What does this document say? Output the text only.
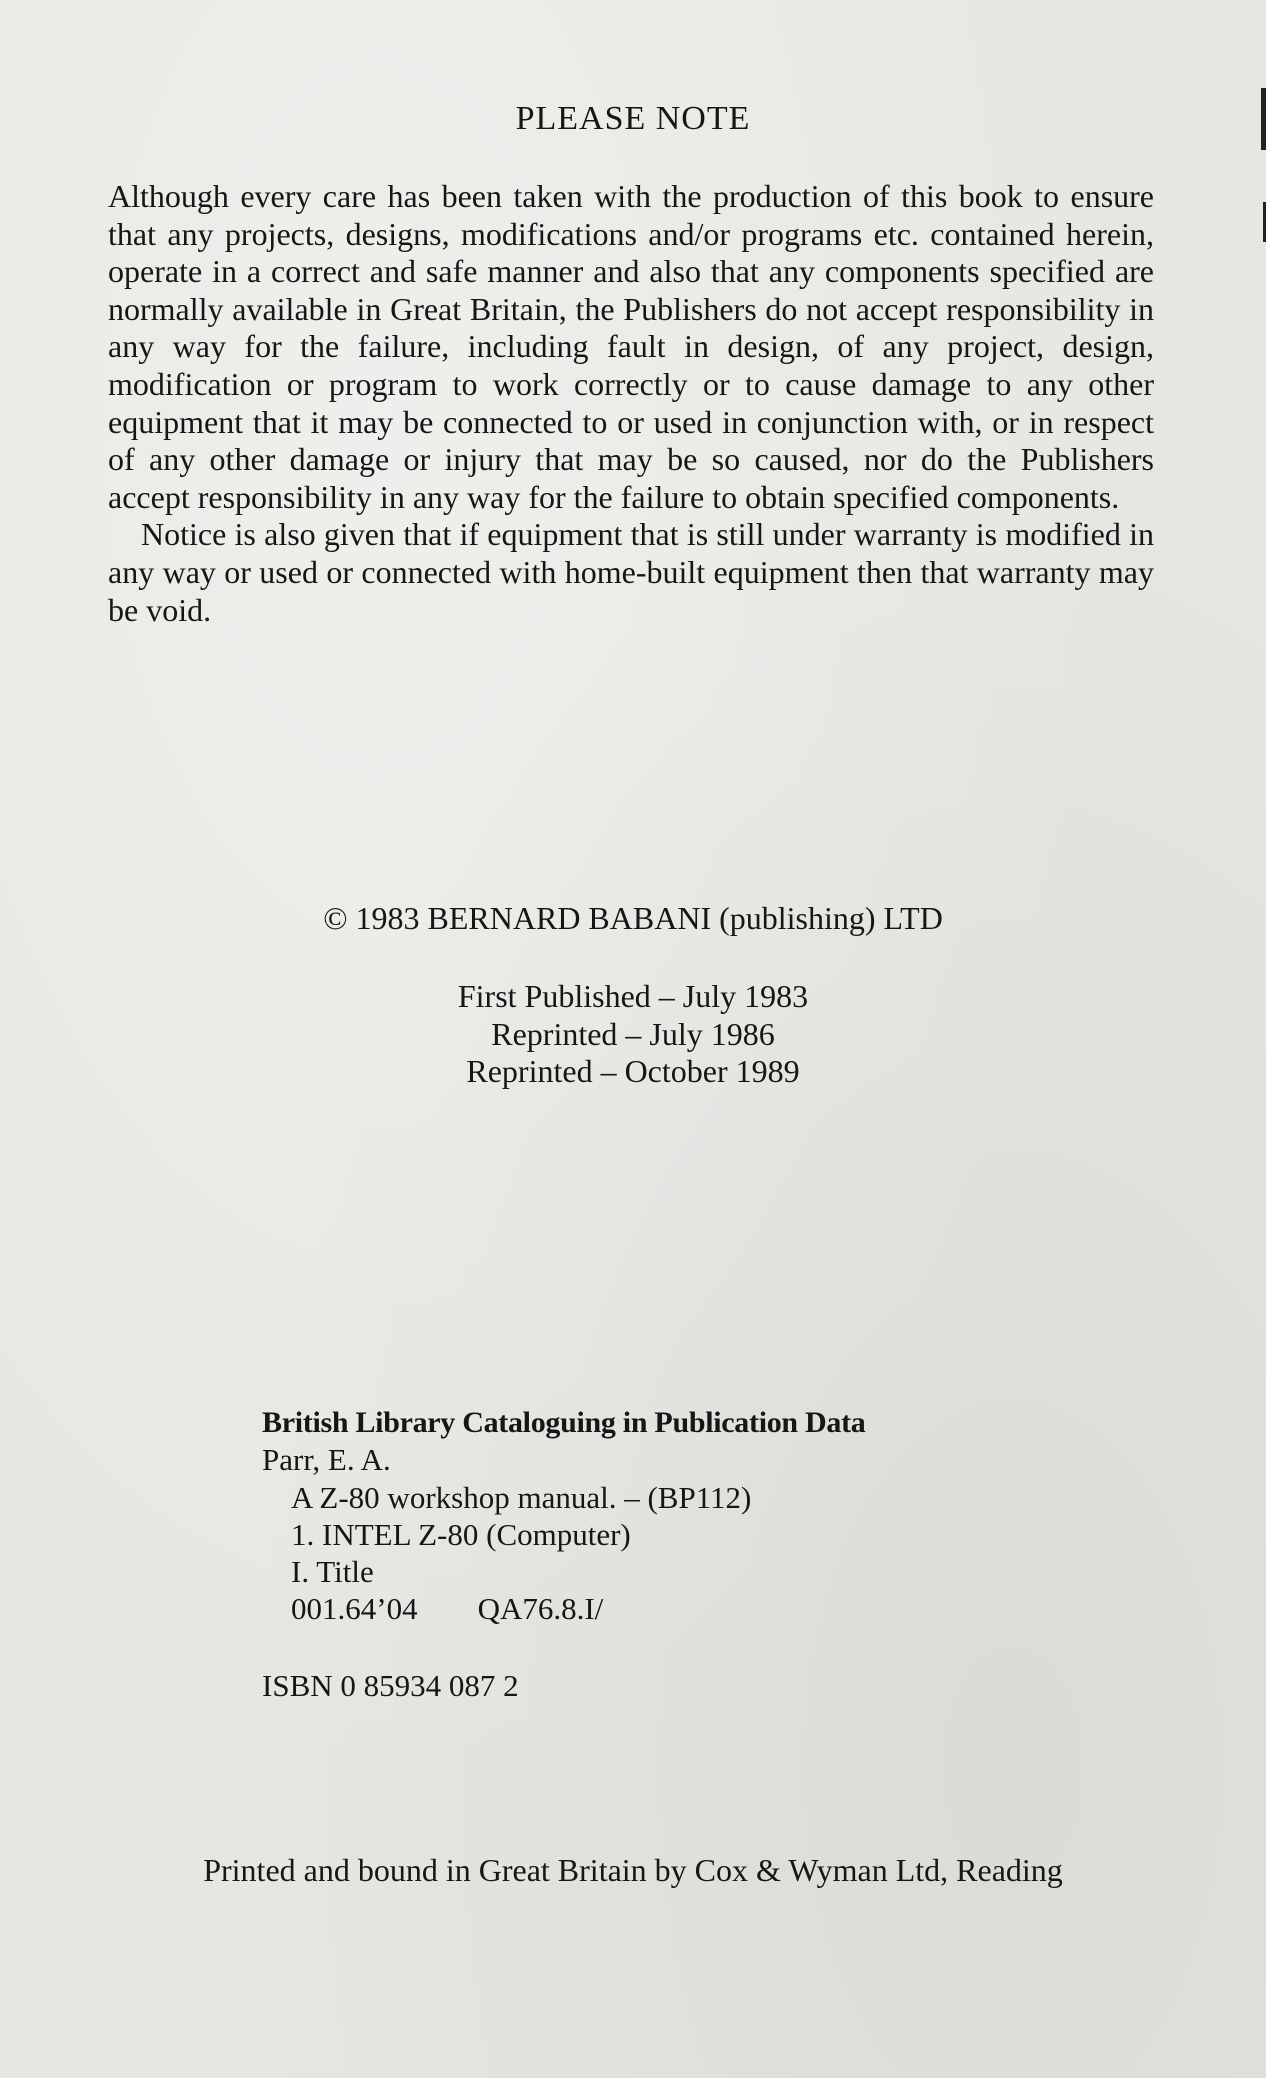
PLEASE NOTE

Although every care has been taken with the production of this book to ensure that any projects, designs, modifications and/or programs etc. contained herein, operate in a correct and safe manner and also that any components specified are normally available in Great Britain, the Publishers do not accept responsibility in any way for the failure, including fault in design, of any project, design, modification or program to work correctly or to cause damage to any other equipment that it may be connected to or used in conjunction with, or in respect of any other damage or injury that may be so caused, nor do the Publishers accept responsibility in any way for the failure to obtain specified components.

Notice is also given that if equipment that is still under warranty is modified in any way or used or connected with home-built equipment then that warranty may be void.

© 1983 BERNARD BABANI (publishing) LTD
First Published – July 1983
Reprinted – July 1986
Reprinted – October 1989
British Library Cataloguing in Publication Data
Parr, E. A.
A Z-80 workshop manual. – (BP112)
1. INTEL Z-80 (Computer)
I. Title
001.64’04 QA76.8.I/
ISBN 0 85934 087 2
Printed and bound in Great Britain by Cox & Wyman Ltd, Reading
